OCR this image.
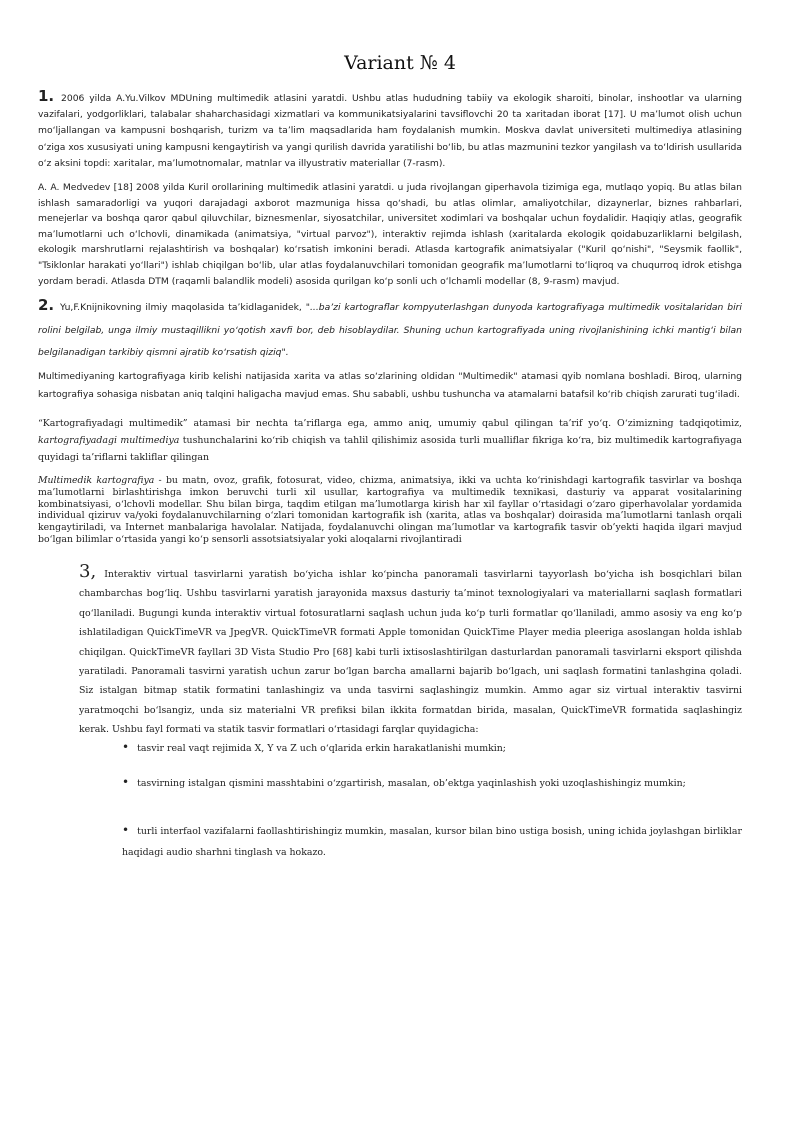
Variant № 4
1. 2006 yilda A.Yu.Vilkov MDUning multimedik atlasini yaratdi. Ushbu atlas hududning tabiiy va ekologik sharoiti, binolar, inshootlar va ularning vazifalari, yodgorliklari, talabalar shaharchasidagi xizmatlari va kommunikatsiyalarini tavsiflovchi 20 ta xaritadan iborat [17]. U ma’lumot olish uchun mo‘ljallangan va kampusni boshqarish, turizm va ta’lim maqsadlarida ham foydalanish mumkin. Moskva davlat universiteti multimediya atlasining o‘ziga xos xususiyati uning kampusni kengaytirish va yangi qurilish davrida yaratilishi bo‘lib, bu atlas mazmunini tezkor yangilash va to‘ldirish usullarida o‘z aksini topdi: xaritalar, ma’lumotnomalar, matnlar va illyustrativ materiallar (7-rasm).
A. A. Medvedev [18] 2008 yilda Kuril orollarining multimedik atlasini yaratdi. u juda rivojlangan giperhavola tizimiga ega, mutlaqo yopiq. Bu atlas bilan ishlash samaradorligi va yuqori darajadagi axborot mazmuniga hissa qo‘shadi, bu atlas olimlar, amaliyotchilar, dizaynerlar, biznes rahbarlari, menejerlar va boshqa qaror qabul qiluvchilar, biznesmenlar, siyosatchilar, universitet xodimlari va boshqalar uchun foydalidir. Haqiqiy atlas, geografik ma’lumotlarni uch o‘lchovli, dinamikada (animatsiya, "virtual parvoz"), interaktiv rejimda ishlash (xaritalarda ekologik qoidabuzarliklarni belgilash, ekologik marshrutlarni rejalashtirish va boshqalar) ko‘rsatish imkonini beradi. Atlasda kartografik animatsiyalar ("Kuril qo‘nishi", "Seysmik faollik", "Tsiklonlar harakati yo‘llari") ishlab chiqilgan bo‘lib, ular atlas foydalanuvchilari tomonidan geografik ma’lumotlarni to‘liqroq va chuqurroq idrok etishga yordam beradi. Atlasda DTM (raqamli balandlik modeli) asosida qurilgan ko‘p sonli uch o‘lchamli modellar (8, 9-rasm) mavjud.
2. Yu,F.Knijnikovning ilmiy maqolasida ta’kidlaganidek, "...ba’zi kartograflar kompyuterlashgan dunyoda kartografiyaga multimedik vositalaridan biri rolini belgilab, unga ilmiy mustaqillikni yo‘qotish xavfi bor, deb hisoblaydilar. Shuning uchun kartografiyada uning rivojlanishining ichki mantig‘i bilan belgilanadigan tarkibiy qismni ajratib ko‘rsatish qiziq".
Multimediyaning kartografiyaga kirib kelishi natijasida xarita va atlas so‘zlarining oldidan "Multimedik" atamasi qyib nomlana boshladi. Biroq, ularning kartografiya sohasiga nisbatan aniq talqini haligacha mavjud emas. Shu sababli, ushbu tushuncha va atamalarni batafsil ko‘rib chiqish zarurati tug‘iladi.
“Kartografiyadagi multimedik” atamasi bir nechta ta’riflarga ega, ammo aniq, umumiy qabul qilingan ta’rif yo‘q. O‘zimizning tadqiqotimiz, kartografiyadagi multimediya tushunchalarini ko‘rib chiqish va tahlil qilishimiz asosida turli mualliflar fikriga ko‘ra, biz multimedik kartografiyaga quyidagi ta’riflarni takliflar qilingan
Multimedik kartografiya - bu matn, ovoz, grafik, fotosurat, video, chizma, animatsiya, ikki va uchta ko‘rinishdagi kartografik tasvirlar va boshqa ma’lumotlarni birlashtirishga imkon beruvchi turli xil usullar, kartografiya va multimedik texnikasi, dasturiy va apparat vositalarining kombinatsiyasi, o‘lchovli modellar. Shu bilan birga, taqdim etilgan ma’lumotlarga kirish har xil fayllar o‘rtasidagi o‘zaro giperhavolalar yordamida individual qiziruv va/yoki foydalanuvchilarning o‘zlari tomonidan kartografik ish (xarita, atlas va boshqalar) doirasida ma’lumotlarni tanlash orqali kengaytiriladi, va Internet manbalariga havolalar. Natijada, foydalanuvchi olingan ma’lumotlar va kartografik tasvir ob’yekti haqida ilgari mavjud bo‘lgan bilimlar o‘rtasida yangi ko‘p sensorli assotsiatsiyalar yoki aloqalarni rivojlantiradi
3, Interaktiv virtual tasvirlarni yaratish bo‘yicha ishlar ko‘pincha panoramali tasvirlarni tayyorlash bo‘yicha ish bosqichlari bilan chambarchas bog‘liq. Ushbu tasvirlarni yaratish jarayonida maxsus dasturiy ta’minot texnologiyalari va materiallarni saqlash formatlari qo‘llaniladi. Bugungi kunda interaktiv virtual fotosuratlarni saqlash uchun juda ko‘p turli formatlar qo‘llaniladi, ammo asosiy va eng ko‘p ishlatiladigan QuickTimeVR va JpegVR. QuickTimeVR formati Apple tomonidan QuickTime Player media pleeriga asoslangan holda ishlab chiqilgan. QuickTimeVR fayllari 3D Vista Studio Pro [68] kabi turli ixtisoslashtirilgan dasturlardan panoramali tasvirlarni eksport qilishda yaratiladi. Panoramali tasvirni yaratish uchun zarur bo‘lgan barcha amallarni bajarib bo‘lgach, uni saqlash formatini tanlashgina qoladi. Siz istalgan bitmap statik formatini tanlashingiz va unda tasvirni saqlashingiz mumkin. Ammo agar siz virtual interaktiv tasvirni yaratmoqchi bo‘lsangiz, unda siz materialni VR prefiksi bilan ikkita formatdan birida, masalan, QuickTimeVR formatida saqlashingiz kerak. Ushbu fayl formati va statik tasvir formatlari o‘rtasidagi farqlar quyidagicha:
• tasvir real vaqt rejimida X, Y va Z uch o‘qlarida erkin harakatlanishi mumkin;
• tasvirning istalgan qismini masshtabini o‘zgartirish, masalan, ob’ektga yaqinlashish yoki uzoqlashishingiz mumkin;
• turli interfaol vazifalarni faollashtirishingiz mumkin, masalan, kursor bilan bino ustiga bosish, uning ichida joylashgan birliklar haqidagi audio sharhni tinglash va hokazo.
